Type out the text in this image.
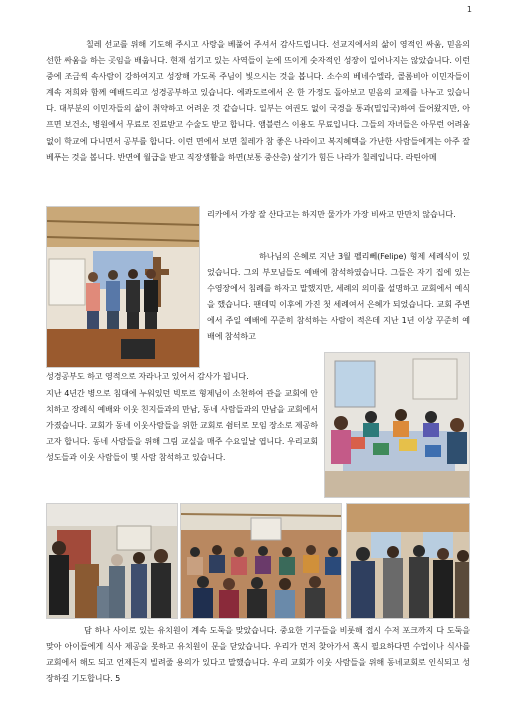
1
칠레 선교를 위해 기도해 주시고 사랑을 베풀어 주셔서 감사드립니다. 선교지에서의 삶이 영적인 싸움, 믿음의 선한 싸움을 하는 곳임을 배웁니다. 현재 섬기고 있는 사역들이 눈에 뜨이게 숫자적인 성장이 일어나지는 않았습니다. 이런 중에 조금씩 속사람이 강하여지고 성장해 가도록 주님이 빛으시는 것을 봅니다. 소수의 베네수엘라, 콜롬비아 이민자들이 계속 저희와 함께 예배드리고 성경공부하고 있습니다. 에콰도르에서 온 한 가정도 돌아보고 믿음의 교제를 나누고 있습니다. 대부분의 이민자들의 삶이 취약하고 어려운 것 같습니다. 일부는 여권도 없이 국경을 통과(밀입국)하여 들어왔지만, 아프면 보건소, 병원에서 무료로 진료받고 수술도 받고 합니다. 앰블런스 이용도 무료입니다. 그들의 자녀들은 아무런 어려움없이 학교에 다니면서 공부를 합니다. 이런 면에서 보면 칠레가 참 좋은 나라이고 복지혜택을 가난한 사람들에게는 아주 잘 베푸는 것을 봅니다. 반면에 월급을 받고 직장생활을 하면(보통 중산층) 살기가 힘든 나라가 칠레입니다. 라틴아메
리카에서 가장 잘 산다고는 하지만 물가가 가장 비싸고 만만치 않습니다.
하나님의 은혜로 지난 3월 펠리뻬(Felipe) 형제 세례식이 있었습니다. 그의 부모님들도 예배에 참석하였습니다. 그들은 자기 집에 있는 수영장에서 침례를 하자고 말했지만, 세례의 의미를 설명하고 교회에서 예식을 했습니다. 팬데믹 이후에 가진 첫 세례여서 은혜가 되었습니다. 교회 주변에서 주일 예배에 꾸준히 참석하는 사람이 적은데 지난 1년 이상 꾸준히 예배에 참석하고
성경공부도 하고 영적으로 자라나고 있어서 감사가 됩니다.
지난 4년간 병으로 침대에 누워있던 빅토르 형제님이 소천하여 관을 교회에 안치하고 장례식 예배와 이웃 친지들과의 만남, 동네 사람들과의 만남을 교회에서 가졌습니다. 교회가 동네 이웃사람들을 위한 교회로 쉼터로 모임 장소로 제공하고자 합니다. 동네 사람들을 위해 그림 교실을 매주 수요일날 엽니다. 우리교회 성도들과 이웃 사람들이 몇 사람 참석하고 있습니다.
담 하나 사이로 있는 유치원이 계속 도둑을 맞았습니다. 중요한 기구들을 비롯해 접시 수저 포크까지 다 도둑을 맞아 아이들에게 식사 제공을 못하고 유치원이 문을 닫았습니다. 우리가 먼저 찾아가서 혹시 필요하다면 수업이나 식사를 교회에서 해도 되고 언제든지 빌려줄 용의가 있다고 말했습니다. 우리 교회가 이웃 사람들을 위해 동네교회로 인식되고 성장하길 기도합니다. 5
